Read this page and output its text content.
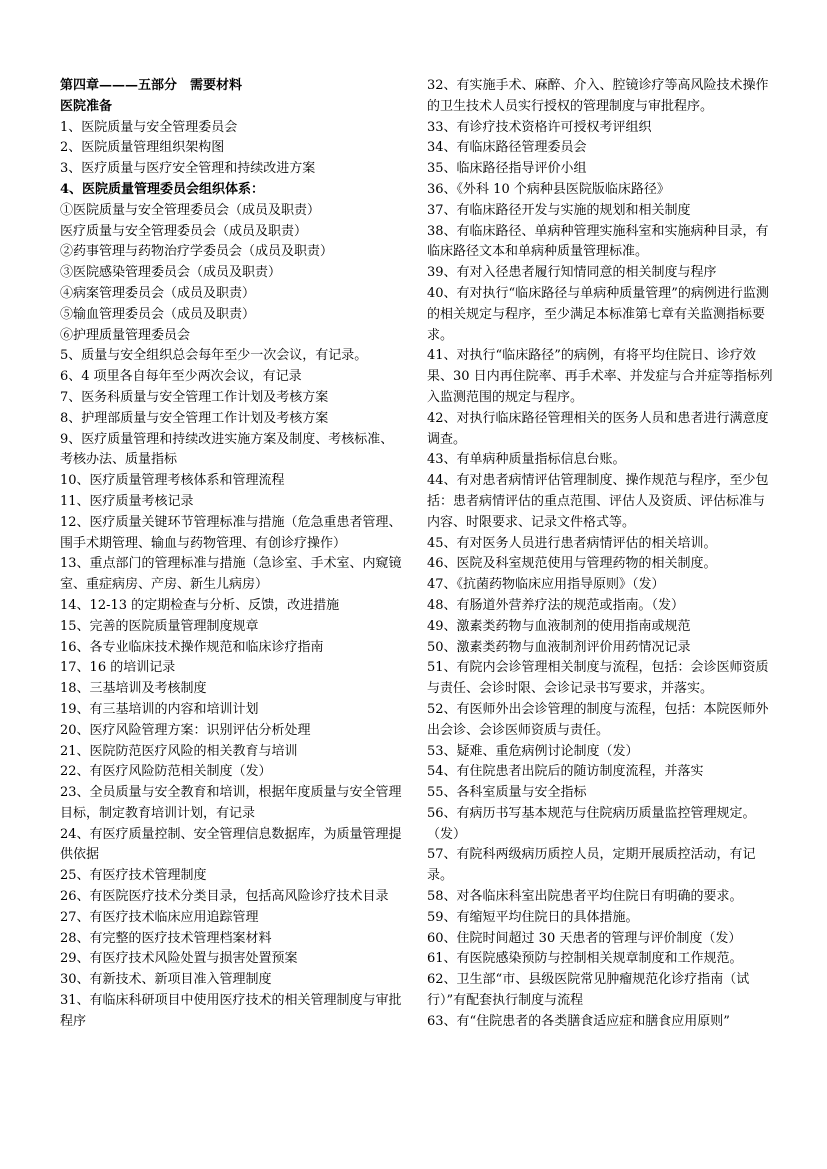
第四章———五部分　需要材料
医院准备
1、医院质量与安全管理委员会
2、医院质量管理组织架构图
3、医疗质量与医疗安全管理和持续改进方案
4、医院质量管理委员会组织体系：
①医院质量与安全管理委员会（成员及职责）
医疗质量与安全管理委员会（成员及职责）
②药事管理与药物治疗学委员会（成员及职责）
③医院感染管理委员会（成员及职责）
④病案管理委员会（成员及职责）
⑤输血管理委员会（成员及职责）
⑥护理质量管理委员会
5、质量与安全组织总会每年至少一次会议，有记录。
6、4 项里各自每年至少两次会议，有记录
7、医务科质量与安全管理工作计划及考核方案
8、护理部质量与安全管理工作计划及考核方案
9、医疗质量管理和持续改进实施方案及制度、考核标准、考核办法、质量指标
10、医疗质量管理考核体系和管理流程
11、医疗质量考核记录
12、医疗质量关键环节管理标准与措施（危急重患者管理、围手术期管理、输血与药物管理、有创诊疗操作）
13、重点部门的管理标准与措施（急诊室、手术室、内窥镜室、重症病房、产房、新生儿病房）
14、12-13 的定期检查与分析、反馈，改进措施
15、完善的医院质量管理制度规章
16、各专业临床技术操作规范和临床诊疗指南
17、16 的培训记录
18、三基培训及考核制度
19、有三基培训的内容和培训计划
20、医疗风险管理方案：识别评估分析处理
21、医院防范医疗风险的相关教育与培训
22、有医疗风险防范相关制度（发）
23、全员质量与安全教育和培训，根据年度质量与安全管理目标，制定教育培训计划，有记录
24、有医疗质量控制、安全管理信息数据库，为质量管理提供依据
25、有医疗技术管理制度
26、有医院医疗技术分类目录，包括高风险诊疗技术目录
27、有医疗技术临床应用追踪管理
28、有完整的医疗技术管理档案材料
29、有医疗技术风险处置与损害处置预案
30、有新技术、新项目准入管理制度
31、有临床科研项目中使用医疗技术的相关管理制度与审批程序
32、有实施手术、麻醉、介入、腔镜诊疗等高风险技术操作的卫生技术人员实行授权的管理制度与审批程序。
33、有诊疗技术资格许可授权考评组织
34、有临床路径管理委员会
35、临床路径指导评价小组
36、《外科 10 个病种县医院版临床路径》
37、有临床路径开发与实施的规划和相关制度
38、有临床路径、单病种管理实施科室和实施病种目录，有临床路径文本和单病种质量管理标准。
39、有对入径患者履行知情同意的相关制度与程序
40、有对执行“临床路径与单病种质量管理”的病例进行监测的相关规定与程序，至少满足本标准第七章有关监测指标要求。
41、对执行“临床路径”的病例，有将平均住院日、诊疗效果、30 日内再住院率、再手术率、并发症与合并症等指标列入监测范围的规定与程序。
42、对执行临床路径管理相关的医务人员和患者进行满意度调查。
43、有单病种质量指标信息台账。
44、有对患者病情评估管理制度、操作规范与程序，至少包括：患者病情评估的重点范围、评估人及资质、评估标准与内容、时限要求、记录文件格式等。
45、有对医务人员进行患者病情评估的相关培训。
46、医院及科室规范使用与管理药物的相关制度。
47、《抗菌药物临床应用指导原则》（发）
48、有肠道外营养疗法的规范或指南。（发）
49、激素类药物与血液制剂的使用指南或规范
50、激素类药物与血液制剂评价用药情况记录
51、有院内会诊管理相关制度与流程，包括：会诊医师资质与责任、会诊时限、会诊记录书写要求，并落实。
52、有医师外出会诊管理的制度与流程，包括：本院医师外出会诊、会诊医师资质与责任。
53、疑难、重危病例讨论制度（发）
54、有住院患者出院后的随访制度流程，并落实
55、各科室质量与安全指标
56、有病历书写基本规范与住院病历质量监控管理规定。（发）
57、有院科两级病历质控人员，定期开展质控活动，有记录。
58、对各临床科室出院患者平均住院日有明确的要求。
59、有缩短平均住院日的具体措施。
60、住院时间超过 30 天患者的管理与评价制度（发）
61、有医院感染预防与控制相关规章制度和工作规范。
62、卫生部“市、县级医院常见肿瘤规范化诊疗指南（试行）”有配套执行制度与流程
63、有“住院患者的各类膳食适应症和膳食应用原则”
